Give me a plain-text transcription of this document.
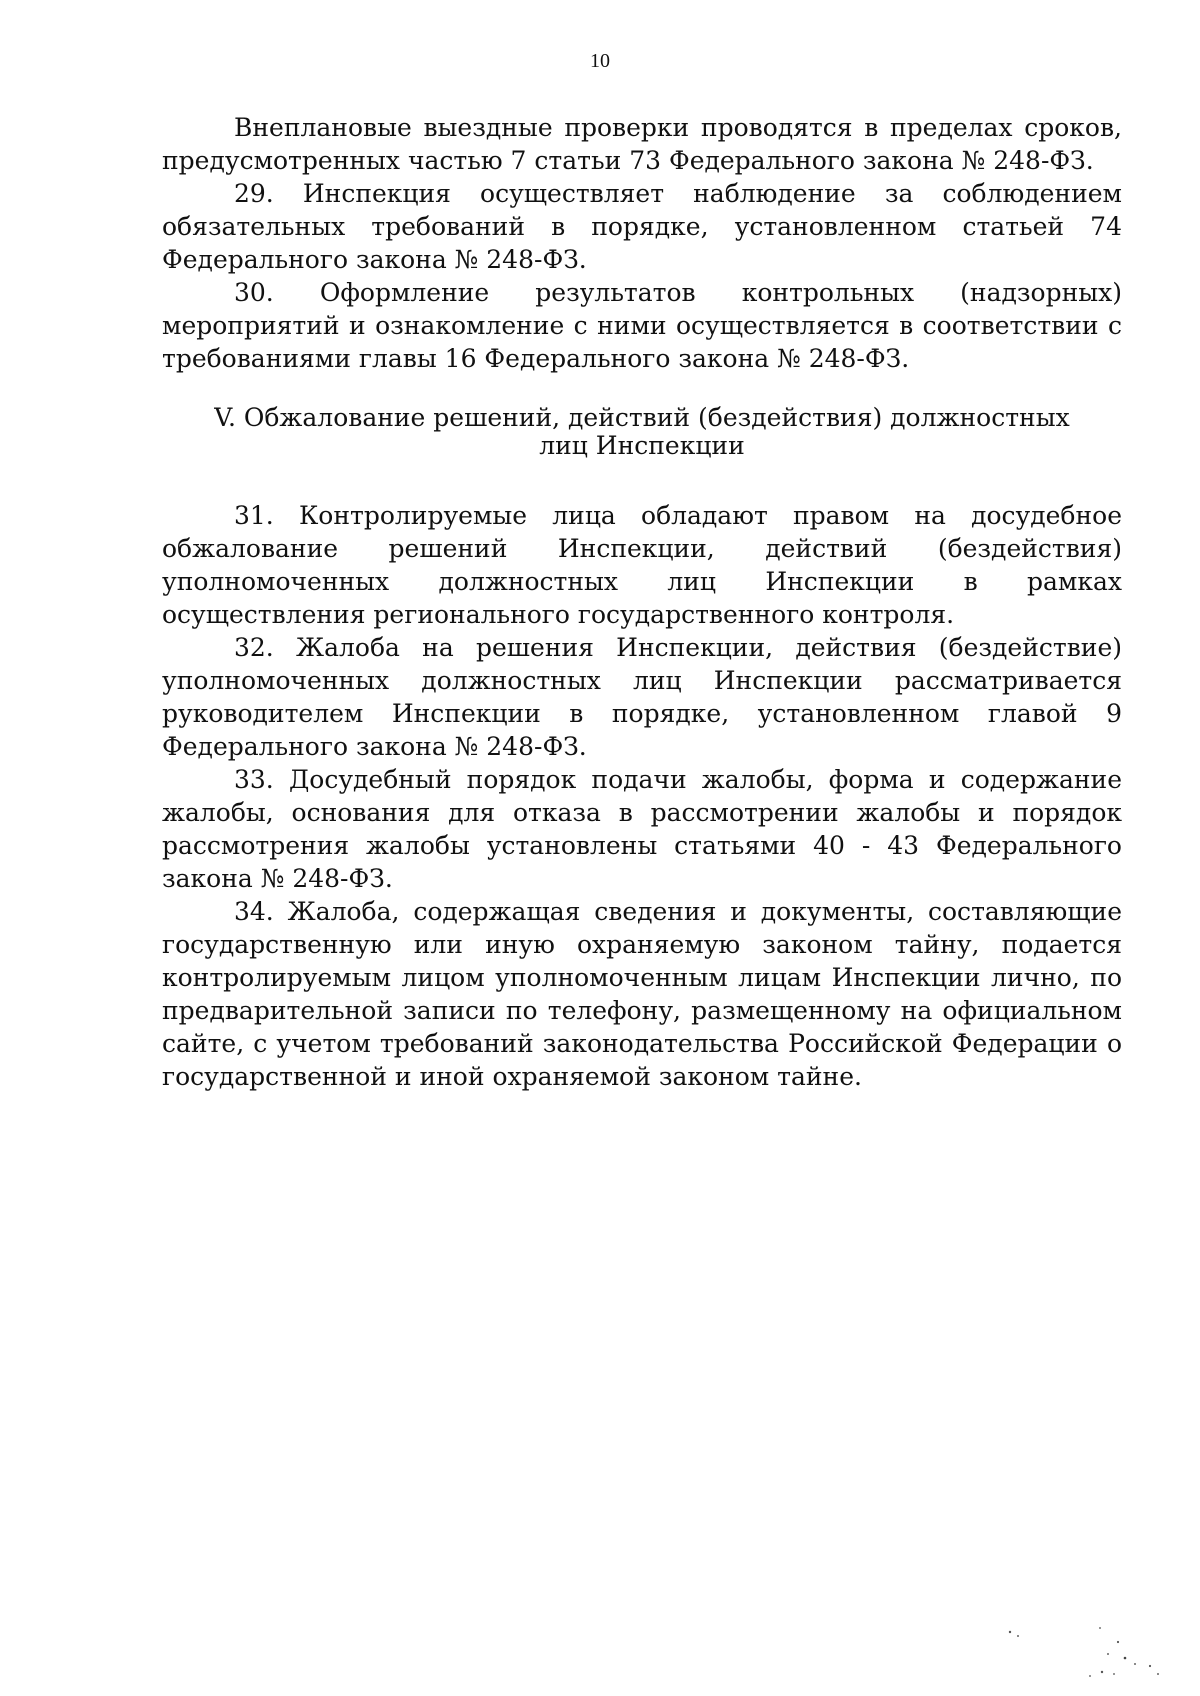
10

Внеплановые выездные проверки проводятся в пределах сроков, предусмотренных частью 7 статьи 73 Федерального закона № 248-ФЗ.

29. Инспекция осуществляет наблюдение за соблюдением обязательных требований в порядке, установленном статьей 74 Федерального закона № 248-ФЗ.

30. Оформление результатов контрольных (надзорных) мероприятий и ознакомление с ними осуществляется в соответствии с требованиями главы 16 Федерального закона № 248-ФЗ.

V. Обжалование решений, действий (бездействия) должностных
лиц Инспекции

31. Контролируемые лица обладают правом на досудебное обжалование решений Инспекции, действий (бездействия) уполномоченных должностных лиц Инспекции в рамках осуществления регионального государственного контроля.

32. Жалоба на решения Инспекции, действия (бездействие) уполномоченных должностных лиц Инспекции рассматривается руководителем Инспекции в порядке, установленном главой 9 Федерального закона № 248-ФЗ.

33. Досудебный порядок подачи жалобы, форма и содержание жалобы, основания для отказа в рассмотрении жалобы и порядок рассмотрения жалобы установлены статьями 40 - 43 Федерального закона № 248-ФЗ.

34. Жалоба, содержащая сведения и документы, составляющие государственную или иную охраняемую законом тайну, подается контролируемым лицом уполномоченным лицам Инспекции лично, по предварительной записи по телефону, размещенному на официальном сайте, с учетом требований законодательства Российской Федерации о государственной и иной охраняемой законом тайне.
